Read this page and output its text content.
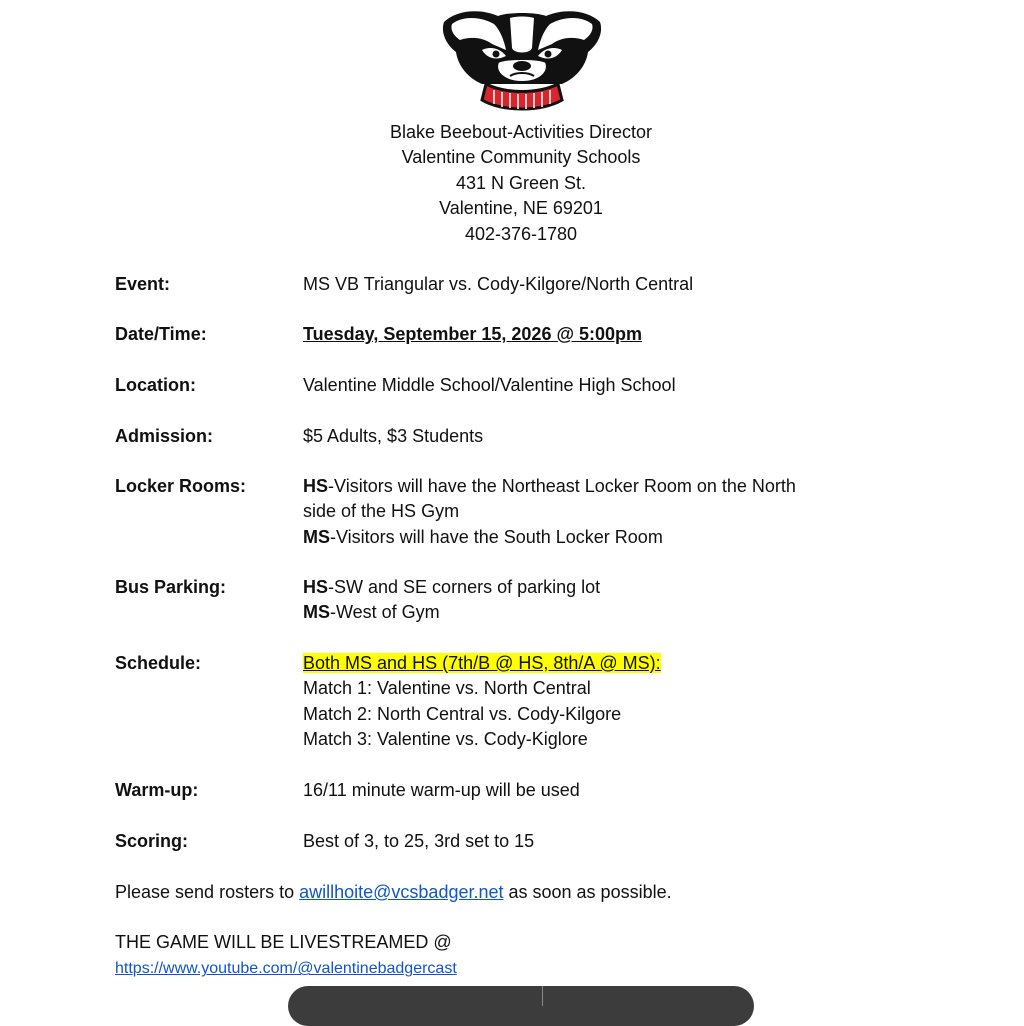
Blake Beebout-Activities Director
Valentine Community Schools
431 N Green St.
Valentine, NE 69201
402-376-1780
Event:	MS VB Triangular vs. Cody-Kilgore/North Central
Date/Time:	Tuesday, September 15, 2026 @ 5:00pm
Location:	Valentine Middle School/Valentine High School
Admission:	$5 Adults, $3 Students
Locker Rooms:	HS-Visitors will have the Northeast Locker Room on the North
side of the HS Gym
MS-Visitors will have the South Locker Room
Bus Parking:	HS-SW and SE corners of parking lot
MS-West of Gym
Schedule:	Both MS and HS (7th/B @ HS, 8th/A @ MS):
Match 1: Valentine vs. North Central
Match 2: North Central vs. Cody-Kilgore
Match 3: Valentine vs. Cody-Kiglore
Warm-up:	16/11 minute warm-up will be used
Scoring:	Best of 3, to 25, 3rd set to 15
Please send rosters to awillhoite@vcsbadger.net as soon as possible.
THE GAME WILL BE LIVESTREAMED @
https://www.youtube.com/@valentinebadgercast
